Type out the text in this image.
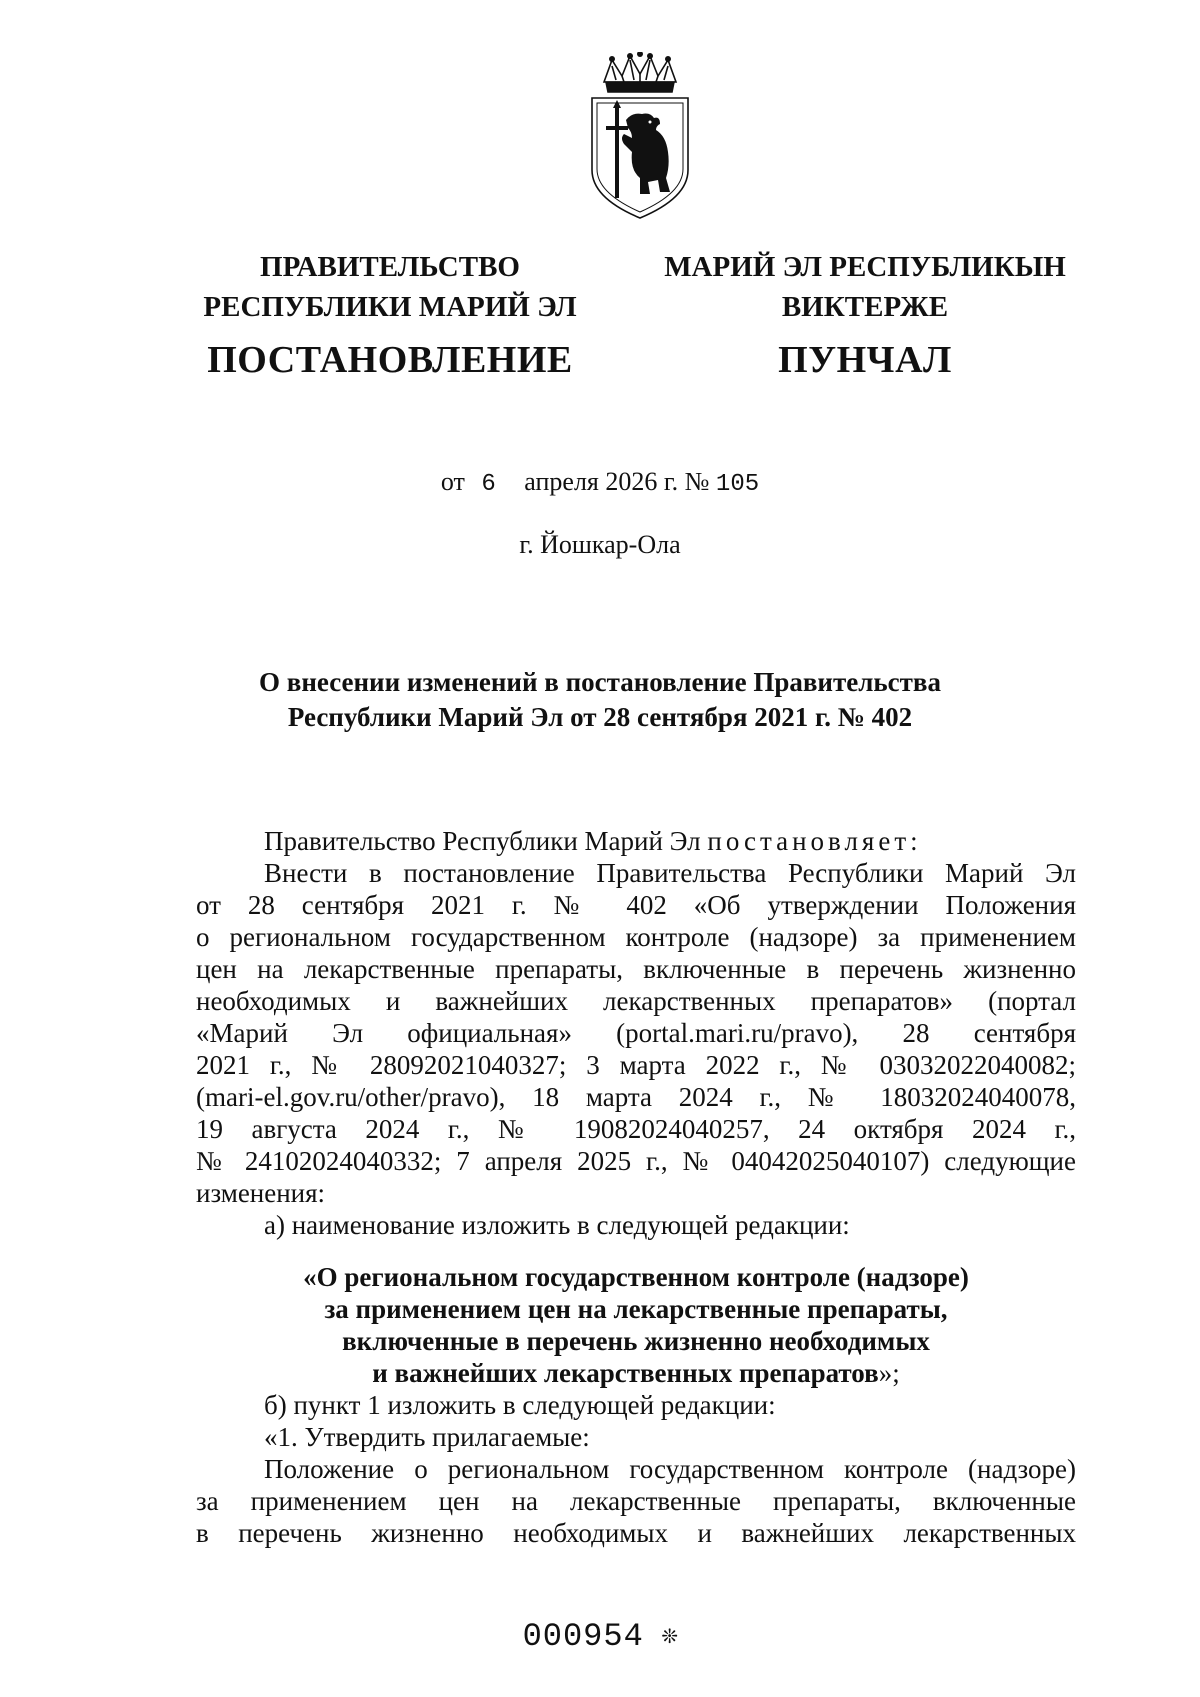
ПРАВИТЕЛЬСТВО
РЕСПУБЛИКИ МАРИЙ ЭЛ
ПОСТАНОВЛЕНИЕ
МАРИЙ ЭЛ РЕСПУБЛИКЫН
ВИКТЕРЖЕ
ПУНЧАЛ
от 6 апреля 2026 г. № 105
г. Йошкар-Ола
О внесении изменений в постановление Правительства
Республики Марий Эл от 28 сентября 2021 г. № 402

Правительство Республики Марий Эл постановляет:

Внести в постановление Правительства Республики Марий Эл

от 28 сентября 2021 г. № 402 «Об утверждении Положения

о региональном государственном контроле (надзоре) за применением

цен на лекарственные препараты, включенные в перечень жизненно

необходимых и важнейших лекарственных препаратов» (портал

«Марий Эл официальная» (portal.mari.ru/pravo), 28 сентября

2021 г., № 28092021040327; 3 марта 2022 г., № 03032022040082;

(mari-el.gov.ru/other/pravo), 18 марта 2024 г., № 18032024040078,

19 августа 2024 г., № 19082024040257, 24 октября 2024 г.,

№ 24102024040332; 7 апреля 2025 г., № 04042025040107) следующие

изменения:

а) наименование изложить в следующей редакции:

«О региональном государственном контроле (надзоре)

за применением цен на лекарственные препараты,

включенные в перечень жизненно необходимых

и важнейших лекарственных препаратов»;

б) пункт 1 изложить в следующей редакции:

«1. Утвердить прилагаемые:

Положение о региональном государственном контроле (надзоре)

за применением цен на лекарственные препараты, включенные

в перечень жизненно необходимых и важнейших лекарственных

000954 ❊
